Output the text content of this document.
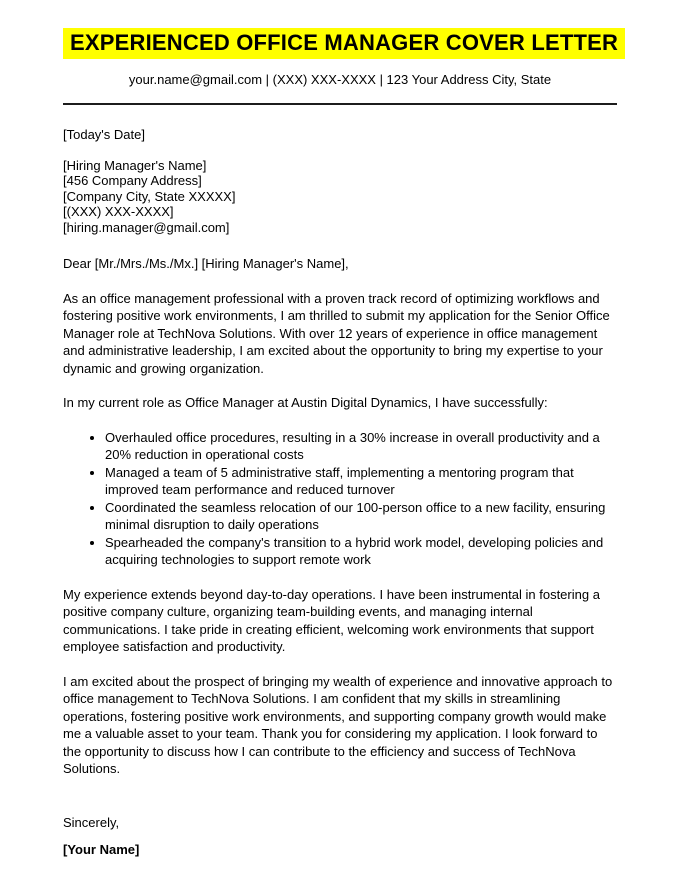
EXPERIENCED OFFICE MANAGER COVER LETTER
your.name@gmail.com | (XXX) XXX-XXXX | 123 Your Address City, State
[Today's Date]
[Hiring Manager's Name]
[456 Company Address]
[Company City, State XXXXX]
[(XXX) XXX-XXXX]
[hiring.manager@gmail.com]
Dear [Mr./Mrs./Ms./Mx.] [Hiring Manager's Name],

As an office management professional with a proven track record of optimizing workflows and fostering positive work environments, I am thrilled to submit my application for the Senior Office Manager role at TechNova Solutions. With over 12 years of experience in office management and administrative leadership, I am excited about the opportunity to bring my expertise to your dynamic and growing organization.

In my current role as Office Manager at Austin Digital Dynamics, I have successfully:

• Overhauled office procedures, resulting in a 30% increase in overall productivity and a 20% reduction in operational costs
• Managed a team of 5 administrative staff, implementing a mentoring program that improved team performance and reduced turnover
• Coordinated the seamless relocation of our 100-person office to a new facility, ensuring minimal disruption to daily operations
• Spearheaded the company's transition to a hybrid work model, developing policies and acquiring technologies to support remote work

My experience extends beyond day-to-day operations. I have been instrumental in fostering a positive company culture, organizing team-building events, and managing internal communications. I take pride in creating efficient, welcoming work environments that support employee satisfaction and productivity.

I am excited about the prospect of bringing my wealth of experience and innovative approach to office management to TechNova Solutions. I am confident that my skills in streamlining operations, fostering positive work environments, and supporting company growth would make me a valuable asset to your team. Thank you for considering my application. I look forward to the opportunity to discuss how I can contribute to the efficiency and success of TechNova Solutions.

Sincerely,
[Your Name]
